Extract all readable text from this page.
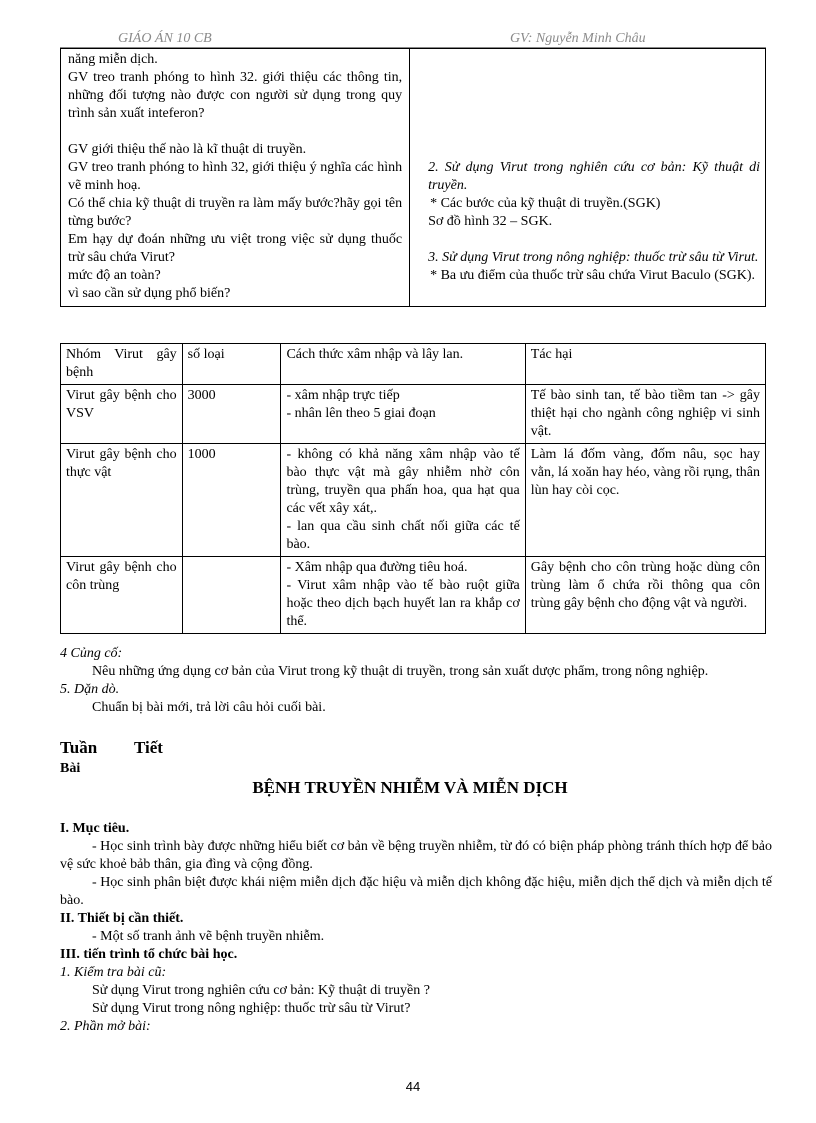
GIÁO ÁN 10 CB	GV: Nguyễn Minh Châu
năng miễn dịch.
GV treo tranh phóng to hình 32. giới thiệu các thông tin, những đối tượng nào được con người sử dụng trong quy trình sản xuất inteferon?
GV giới thiệu thế nào là kĩ thuật di truyền.
GV treo tranh phóng to hình 32, giới thiệu ý nghĩa các hình vẽ minh hoạ.
Có thể chia kỹ thuật di truyền ra làm mấy bước?hãy gọi tên từng bước?
Em hạy dự đoán những ưu việt trong việc sử dụng thuốc trừ sâu chứa Virut?
mức độ an toàn?
vì sao cần sử dụng phổ biến?

2. Sử dụng Virut trong nghiên cứu cơ bản: Kỹ thuật di truyền.
* Các bước của kỹ thuật di truyền.(SGK)
Sơ đồ hình 32 – SGK.
3. Sử dụng Virut trong nông nghiệp: thuốc trừ sâu từ Virut.
* Ba ưu điểm của thuốc trừ sâu chứa Virut Baculo (SGK).
Nhóm Virut gây bệnh	số loại	Cách thức xâm nhập và lây lan.	Tác hại
Virut gây bệnh cho VSV	3000	- xâm nhập trực tiếp
- nhân lên theo 5 giai đoạn	Tế bào sinh tan, tế bào tiềm tan -> gây thiệt hại cho ngành công nghiệp vi sinh vật.
Virut gây bệnh cho thực vật	1000	- không có khả năng xâm nhập vào tế bào thực vật mà gây nhiễm nhờ côn trùng, truyền qua phấn hoa, qua hạt qua các vết xây xát,.
- lan qua cầu sinh chất nối giữa các tế bào.	Làm lá đốm vàng, đốm nâu, sọc hay vằn, lá xoăn hay héo, vàng rồi rụng, thân lùn hay còi cọc.
Virut gây bệnh cho côn trùng		- Xâm nhập qua đường tiêu hoá.
- Virut xâm nhập vào tế bào ruột giữa hoặc theo dịch bạch huyết lan ra khắp cơ thể.	Gây bệnh cho côn trùng hoặc dùng côn trùng làm ổ chứa rồi thông qua côn trùng gây bệnh cho động vật và người.
4 Củng cố:
Nêu những ứng dụng cơ bản của Virut trong kỹ thuật di truyền, trong sản xuất dược phẩm, trong nông nghiệp.
5. Dặn dò.
Chuẩn bị bài mới, trả lời câu hỏi cuối bài.
Tuần Tiết
Bài
BỆNH TRUYỀN NHIỄM VÀ MIỄN DỊCH
I. Mục tiêu.
- Học sinh trình bày được những hiểu biết cơ bản về bệng truyền nhiễm, từ đó có biện pháp phòng tránh thích hợp để bảo vệ sức khoẻ bảb thân, gia đìng và cộng đồng.
- Học sinh phân biệt được khái niệm miễn dịch đặc hiệu và miễn dịch không đặc hiệu, miễn dịch thể dịch và miễn dịch tế bào.
II. Thiết bị cần thiết.
- Một số tranh ảnh vẽ bệnh truyền nhiễm.
III. tiến trình tổ chức bài học.
1. Kiểm tra bài cũ:
Sử dụng Virut trong nghiên cứu cơ bản: Kỹ thuật di truyền ?
Sử dụng Virut trong nông nghiệp: thuốc trừ sâu từ Virut?
2. Phần mở bài:
44
